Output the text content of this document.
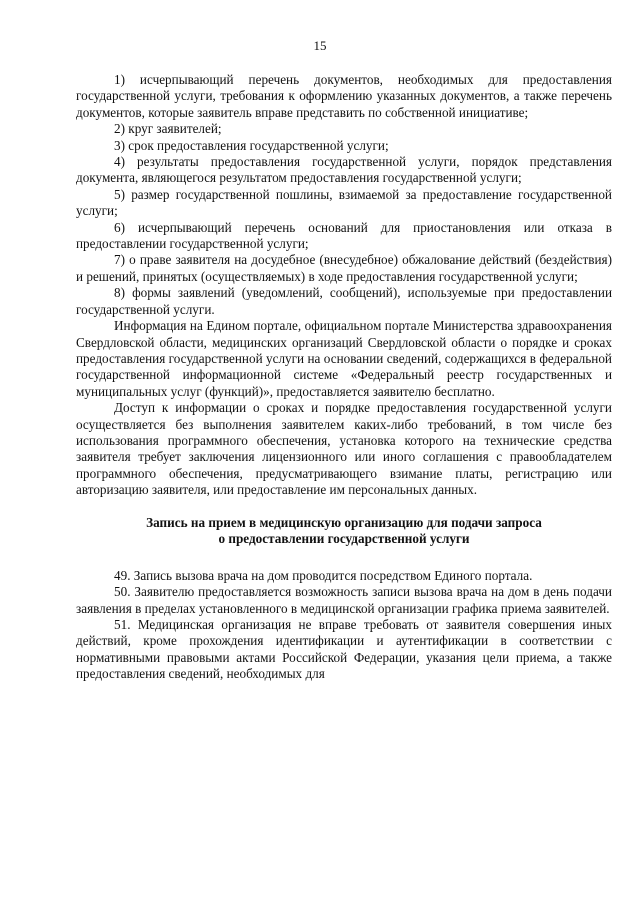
15

1) исчерпывающий перечень документов, необходимых для предоставления государственной услуги, требования к оформлению указанных документов, а также перечень документов, которые заявитель вправе представить по собственной инициативе;

2) круг заявителей;

3) срок предоставления государственной услуги;

4) результаты предоставления государственной услуги, порядок представления документа, являющегося результатом предоставления государственной услуги;

5) размер государственной пошлины, взимаемой за предоставление государственной услуги;

6) исчерпывающий перечень оснований для приостановления или отказа в предоставлении государственной услуги;

7) о праве заявителя на досудебное (внесудебное) обжалование действий (бездействия) и решений, принятых (осуществляемых) в ходе предоставления государственной услуги;

8) формы заявлений (уведомлений, сообщений), используемые при предоставлении государственной услуги.

Информация на Едином портале, официальном портале Министерства здравоохранения Свердловской области, медицинских организаций Свердловской области о порядке и сроках предоставления государственной услуги на основании сведений, содержащихся в федеральной государственной информационной системе «Федеральный реестр государственных и муниципальных услуг (функций)», предоставляется заявителю бесплатно.

Доступ к информации о сроках и порядке предоставления государственной услуги осуществляется без выполнения заявителем каких-либо требований, в том числе без использования программного обеспечения, установка которого на технические средства заявителя требует заключения лицензионного или иного соглашения с правообладателем программного обеспечения, предусматривающего взимание платы, регистрацию или авторизацию заявителя, или предоставление им персональных данных.

Запись на прием в медицинскую организацию для подачи запроса
о предоставлении государственной услуги

49. Запись вызова врача на дом проводится посредством Единого портала.

50. Заявителю предоставляется возможность записи вызова врача на дом в день подачи заявления в пределах установленного в медицинской организации графика приема заявителей.

51. Медицинская организация не вправе требовать от заявителя совершения иных действий, кроме прохождения идентификации и аутентификации в соответствии с нормативными правовыми актами Российской Федерации, указания цели приема, а также предоставления сведений, необходимых для
